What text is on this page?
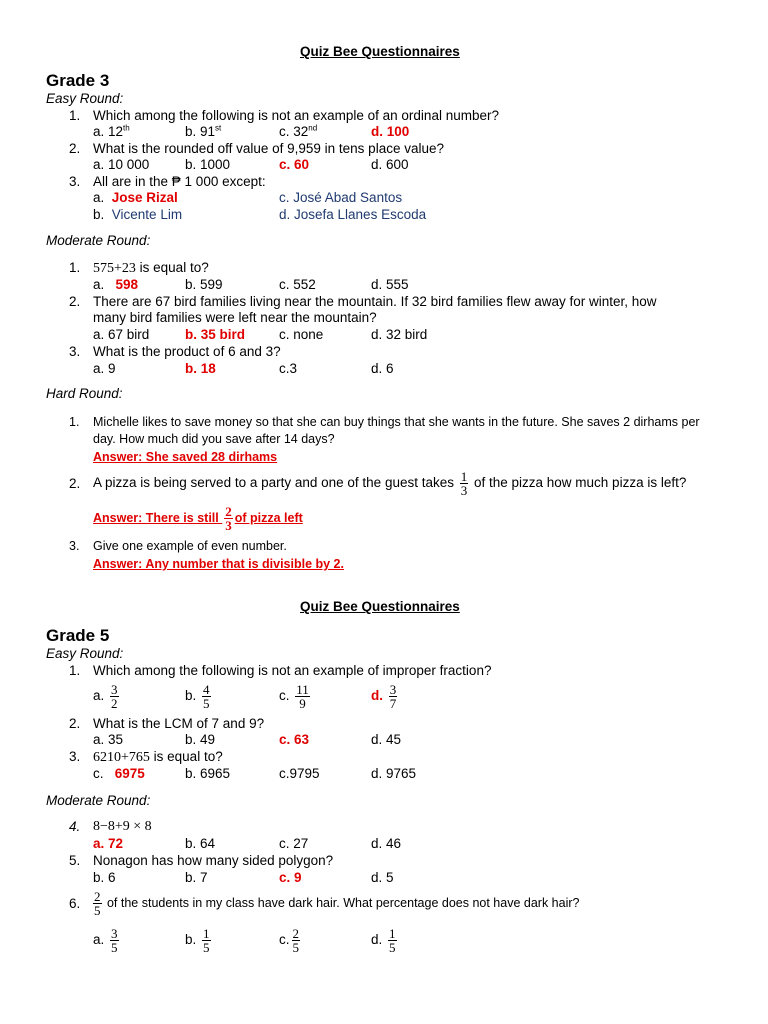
Quiz Bee Questionnaires
Grade 3
Easy Round:
1. Which among the following is not an example of an ordinal number?
a. 12th	b. 91st	c. 32nd	d. 100
2. What is the rounded off value of 9,959 in tens place value?
a. 10 000	b. 1000	c. 60	d. 600
3. All are in the ₱ 1 000 except:
a. Jose Rizal	c. José Abad Santos
b. Vicente Lim	d. Josefa Llanes Escoda
Moderate Round:
1. 575+23 is equal to?
a. 598	b. 599	c. 552	d. 555
2. There are 67 bird families living near the mountain. If 32 bird families flew away for winter, how
many bird families were left near the mountain?
a. 67 bird	b. 35 bird	c. none	d. 32 bird
3. What is the product of 6 and 3?
a. 9	b. 18	c.3	d. 6
Hard Round:
1. Michelle likes to save money so that she can buy things that she wants in the future. She saves 2 dirhams per
day. How much did you save after 14 days?
Answer: She saved 28 dirhams
2. A pizza is being served to a party and one of the guest takes $\frac{1}{3}$ of the pizza how much pizza is left?
Answer: There is still $\frac{2}{3}$ of pizza left
3. Give one example of even number.
Answer: Any number that is divisible by 2.
Quiz Bee Questionnaires
Grade 5
Easy Round:
1. Which among the following is not an example of improper fraction?
a. $\frac{3}{2}$	b. $\frac{4}{5}$	c. $\frac{11}{9}$	d. $\frac{3}{7}$
2. What is the LCM of 7 and 9?
a. 35	b. 49	c. 63	d. 45
3. 6210+765 is equal to?
c. 6975	b. 6965	c.9795	d. 9765
Moderate Round:
4. 8−8+9 × 8
a. 72	b. 64	c. 27	d. 46
5. Nonagon has how many sided polygon?
b. 6	b. 7	c. 9	d. 5
6. $\frac{2}{5}$ of the students in my class have dark hair. What percentage does not have dark hair?
a. $\frac{3}{5}$	b. $\frac{1}{5}$	c. $\frac{2}{5}$	d. $\frac{1}{5}$
